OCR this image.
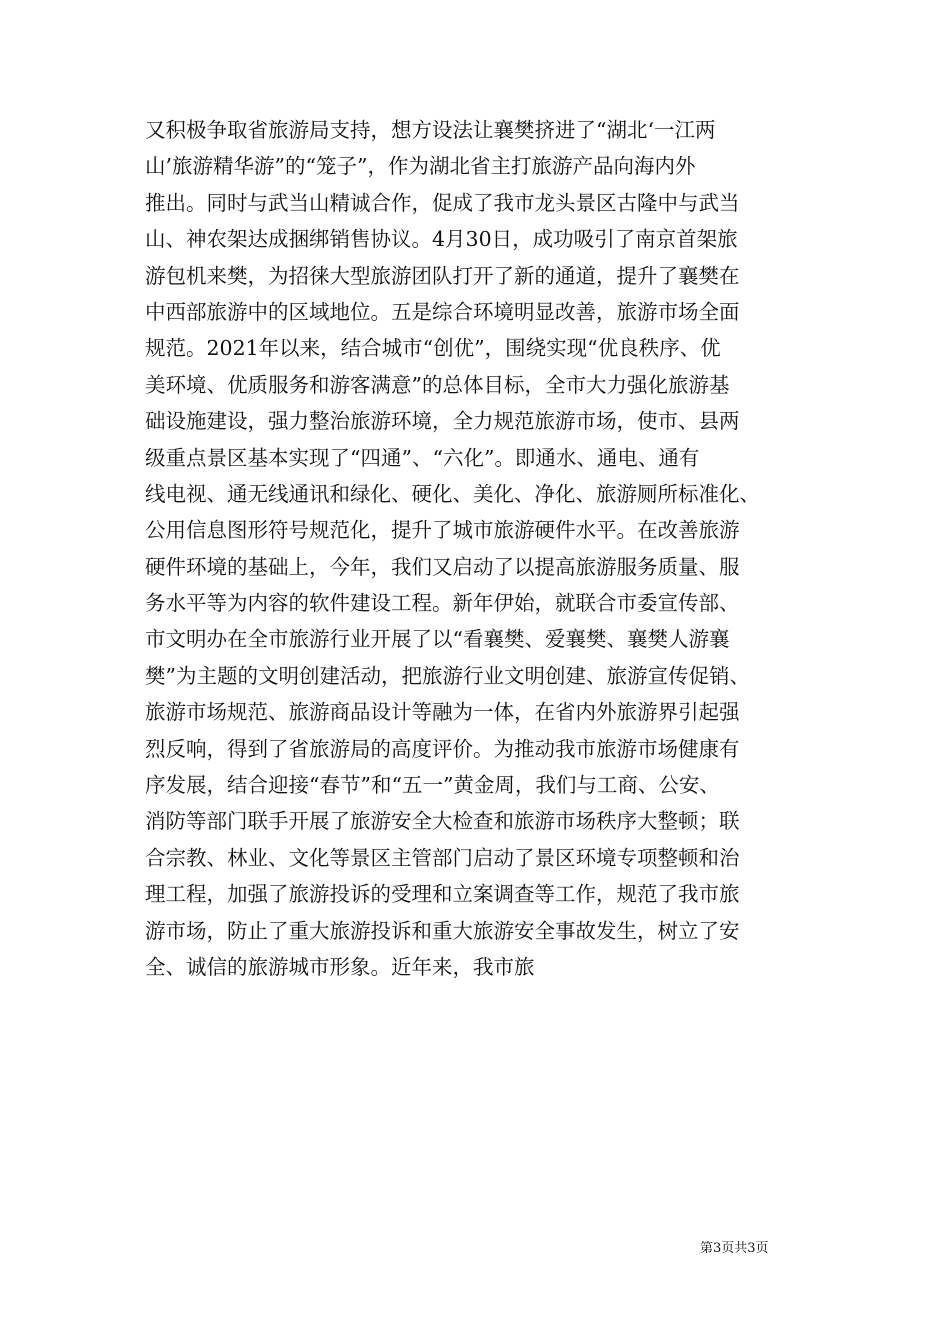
又积极争取省旅游局支持，想方设法让襄樊挤进了“湖北‘一江两
山’旅游精华游”的“笼子”，作为湖北省主打旅游产品向海内外
推出。同时与武当山精诚合作，促成了我市龙头景区古隆中与武当
山、神农架达成捆绑销售协议。4月30日，成功吸引了南京首架旅
游包机来樊，为招徕大型旅游团队打开了新的通道，提升了襄樊在
中西部旅游中的区域地位。五是综合环境明显改善，旅游市场全面
规范。2021年以来，结合城市“创优”，围绕实现“优良秩序、优
美环境、优质服务和游客满意”的总体目标，全市大力强化旅游基
础设施建设，强力整治旅游环境，全力规范旅游市场，使市、县两
级重点景区基本实现了“四通”、“六化”。即通水、通电、通有
线电视、通无线通讯和绿化、硬化、美化、净化、旅游厕所标准化、
公用信息图形符号规范化，提升了城市旅游硬件水平。在改善旅游
硬件环境的基础上，今年，我们又启动了以提高旅游服务质量、服
务水平等为内容的软件建设工程。新年伊始，就联合市委宣传部、
市文明办在全市旅游行业开展了以“看襄樊、爱襄樊、襄樊人游襄
樊”为主题的文明创建活动，把旅游行业文明创建、旅游宣传促销、
旅游市场规范、旅游商品设计等融为一体，在省内外旅游界引起强
烈反响，得到了省旅游局的高度评价。为推动我市旅游市场健康有
序发展，结合迎接“春节”和“五一”黄金周，我们与工商、公安、
消防等部门联手开展了旅游安全大检查和旅游市场秩序大整顿；联
合宗教、林业、文化等景区主管部门启动了景区环境专项整顿和治
理工程，加强了旅游投诉的受理和立案调查等工作，规范了我市旅
游市场，防止了重大旅游投诉和重大旅游安全事故发生，树立了安
全、诚信的旅游城市形象。近年来，我市旅
第3页共3页
